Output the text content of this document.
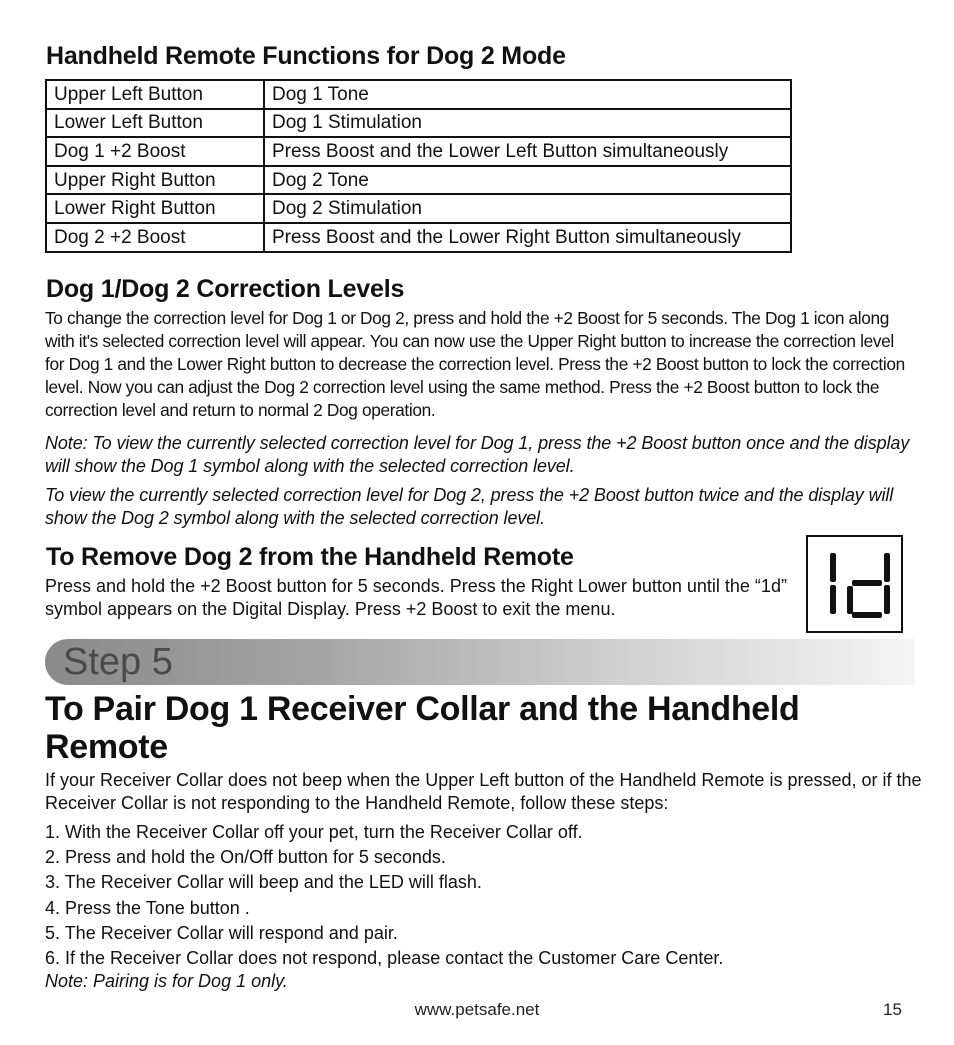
Handheld Remote Functions for Dog 2 Mode
Upper Left Button	Dog 1 Tone
Lower Left Button	Dog 1 Stimulation
Dog 1 +2 Boost	Press Boost and the Lower Left Button simultaneously
Upper Right Button	Dog 2 Tone
Lower Right Button	Dog 2 Stimulation
Dog 2 +2 Boost	Press Boost and the Lower Right Button simultaneously
Dog 1/Dog 2 Correction Levels

To change the correction level for Dog 1 or Dog 2, press and hold the +2 Boost for 5 seconds. The Dog 1 icon along with it's selected correction level will appear. You can now use the Upper Right button to increase the correction level for Dog 1 and the Lower Right button to decrease the correction level. Press the +2 Boost button to lock the correction level. Now you can adjust the Dog 2 correction level using the same method. Press the +2 Boost button to lock the correction level and return to normal 2 Dog operation.

Note: To view the currently selected correction level for Dog 1, press the +2 Boost button once and the display will show the Dog 1 symbol along with the selected correction level.

To view the currently selected correction level for Dog 2, press the +2 Boost button twice and the display will show the Dog 2 symbol along with the selected correction level.

To Remove Dog 2 from the Handheld Remote

Press and hold the +2 Boost button for 5 seconds. Press the Right Lower button until the “1d” symbol appears on the Digital Display. Press +2 Boost to exit the menu.

Step 5
To Pair Dog 1 Receiver Collar and the Handheld Remote

If your Receiver Collar does not beep when the Upper Left button of the Handheld Remote is pressed, or if the Receiver Collar is not responding to the Handheld Remote, follow these steps:

1. With the Receiver Collar off your pet, turn the Receiver Collar off.
2. Press and hold the On/Off button for 5 seconds.
3. The Receiver Collar will beep and the LED will flash.
4. Press the Tone button .
5. The Receiver Collar will respond and pair.
6. If the Receiver Collar does not respond, please contact the Customer Care Center.

Note: Pairing is for Dog 1 only.

www.petsafe.net	15
